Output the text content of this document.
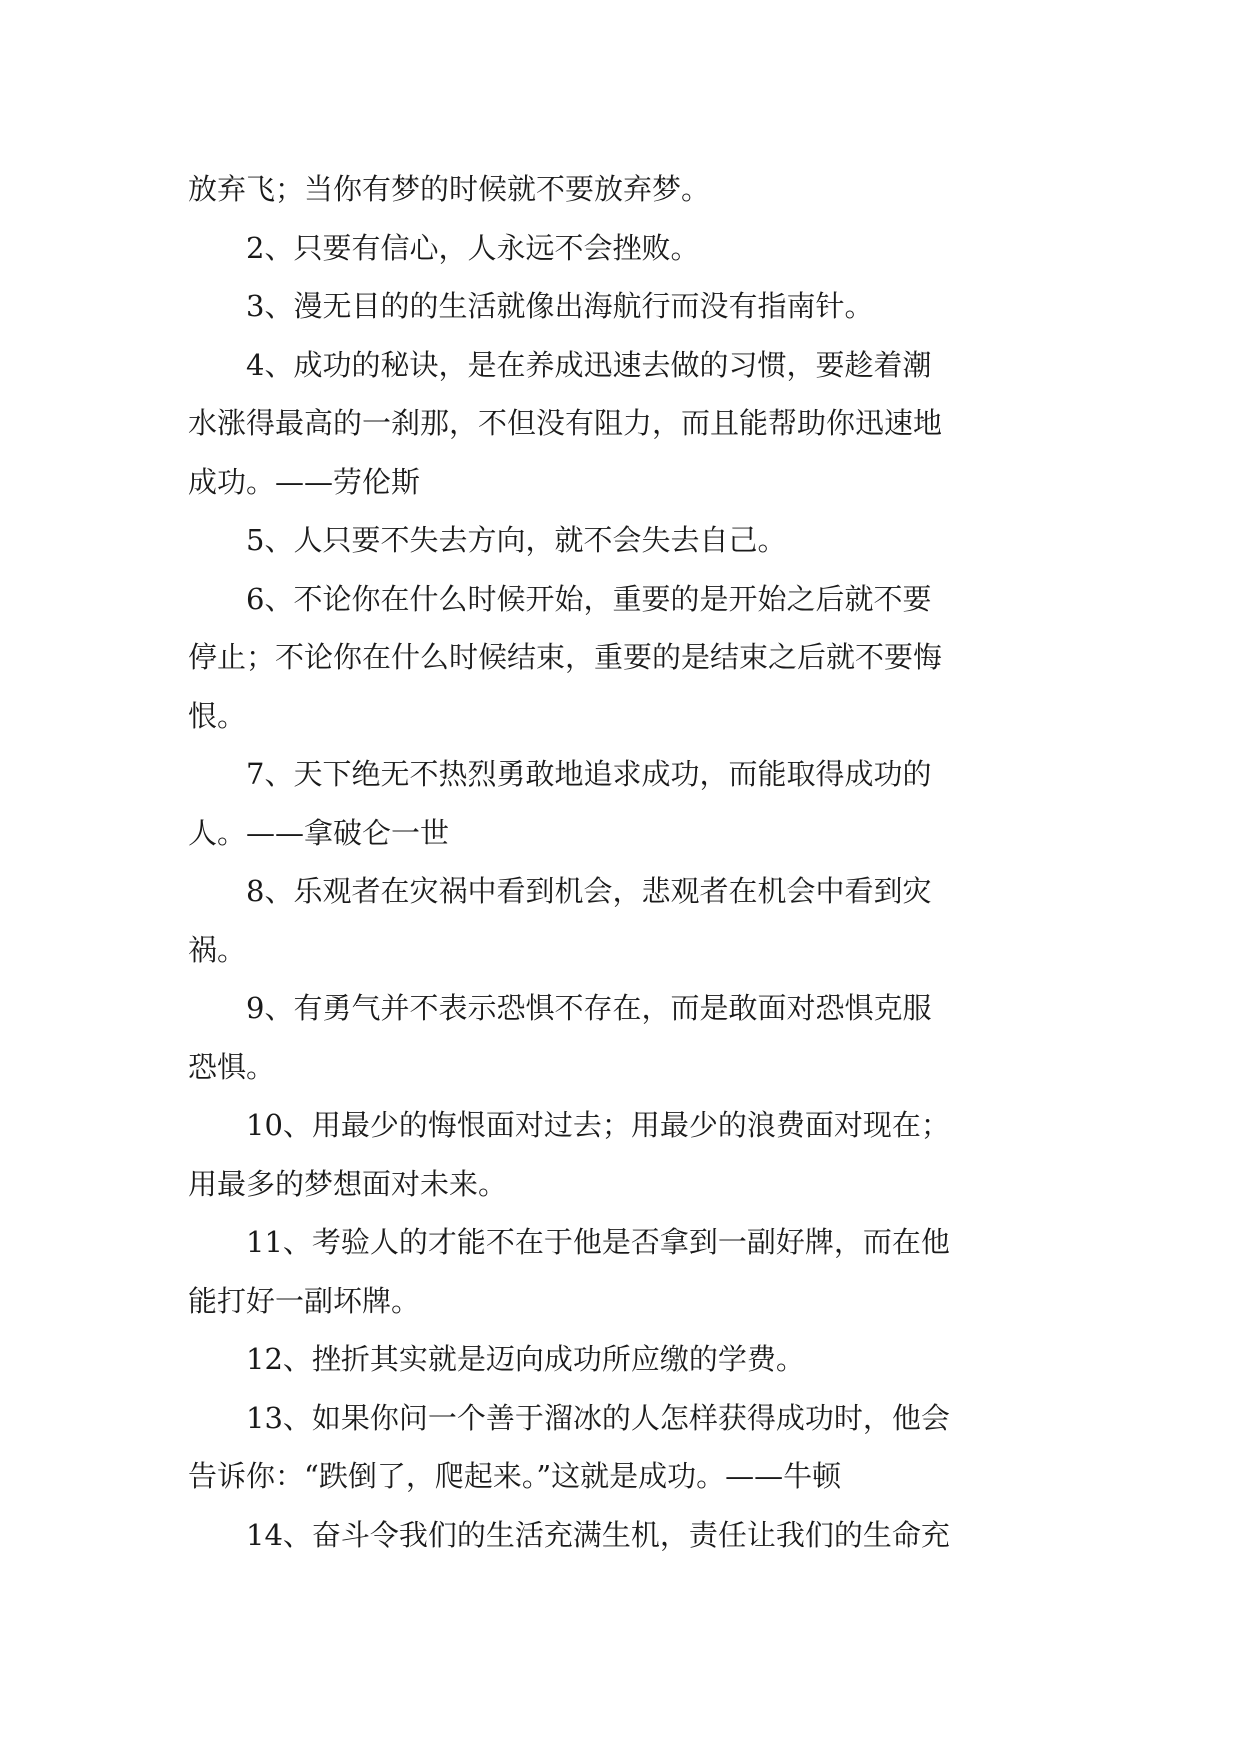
放弃飞；当你有梦的时候就不要放弃梦。
2、只要有信心，人永远不会挫败。
3、漫无目的的生活就像出海航行而没有指南针。
4、成功的秘诀，是在养成迅速去做的习惯，要趁着潮
水涨得最高的一刹那，不但没有阻力，而且能帮助你迅速地
成功。——劳伦斯
5、人只要不失去方向，就不会失去自己。
6、不论你在什么时候开始，重要的是开始之后就不要
停止；不论你在什么时候结束，重要的是结束之后就不要悔
恨。
7、天下绝无不热烈勇敢地追求成功，而能取得成功的
人。——拿破仑一世
8、乐观者在灾祸中看到机会，悲观者在机会中看到灾
祸。
9、有勇气并不表示恐惧不存在，而是敢面对恐惧克服
恐惧。
10、用最少的悔恨面对过去；用最少的浪费面对现在；
用最多的梦想面对未来。
11、考验人的才能不在于他是否拿到一副好牌，而在他
能打好一副坏牌。
12、挫折其实就是迈向成功所应缴的学费。
13、如果你问一个善于溜冰的人怎样获得成功时，他会
告诉你：“跌倒了，爬起来。”这就是成功。——牛顿
14、奋斗令我们的生活充满生机，责任让我们的生命充
